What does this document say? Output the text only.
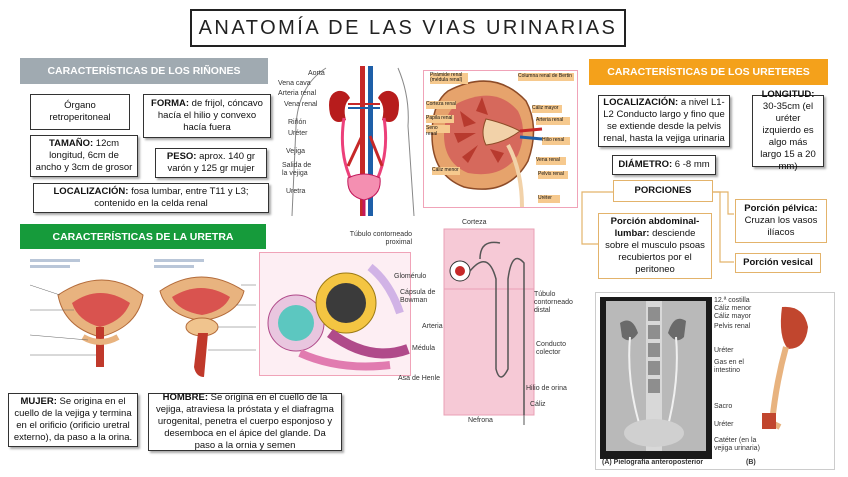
ANATOMÍA DE LAS VIAS URINARIAS
CARACTERÍSTICAS DE LOS RIÑONES
Órgano retroperitoneal
FORMA: de frijol, cóncavo hacía el hilio y convexo hacía fuera
TAMAÑO: 12cm longitud, 6cm de ancho y 3cm de grosor
PESO: aprox. 140 gr varón y 125 gr mujer
LOCALIZACIÓN: fosa lumbar, entre T11 y L3; contenido en la celda renal
CARACTERÍSTICAS DE LA URETRA
MUJER: Se origina en el cuello de la vejiga y termina en el orificio (orificio uretral externo), da paso a la orina.
HOMBRE: Se origina en el cuello de la vejiga, atraviesa la próstata y el diafragma urogenital, penetra el cuerpo esponjoso y desemboca en el ápice del glande. Da paso a la ornia y semen
Aorta
Vena cava
Arteria renal
Vena renal
Riñón
Uréter
Vejiga
Salida de la vejiga
Uretra
Pirámide renal (médula renal)
Columna renal de Bertin
Corteza renal
Papila renal
Seno renal
Cáliz mayor
Arteria renal
Hilio renal
Vena renal
Cáliz menor
Pelvis renal
Uréter
Corteza
Túbulo contorneado proximal
Glomérulo
Cápsula de Bowman
Arteria
Médula
Asa de Henle
Túbulo contorneado distal
Conducto colector
Hilio de orina
Cáliz
Nefrona
CARACTERÍSTICAS DE LOS URETERES
LOCALIZACIÓN: a nivel L1-L2 Conducto largo y fino que se extiende desde la pelvis renal, hasta la vejiga urinaria
LONGITUD: 30-35cm (el uréter izquierdo es algo más largo 15 a 20 mm)
DIÁMETRO: 6 -8 mm
PORCIONES
Porción abdominal-lumbar: desciende sobre el musculo psoas recubiertos por el peritoneo
Porción pélvica: Cruzan los vasos ilíacos
Porción vesical
12.ª costilla
Cáliz menor
Cáliz mayor
Pelvis renal
Uréter
Gas en el intestino
Sacro
Uréter
Catéter (en la vejiga urinaria)
(A) Pielografía anteroposterior	(B)
